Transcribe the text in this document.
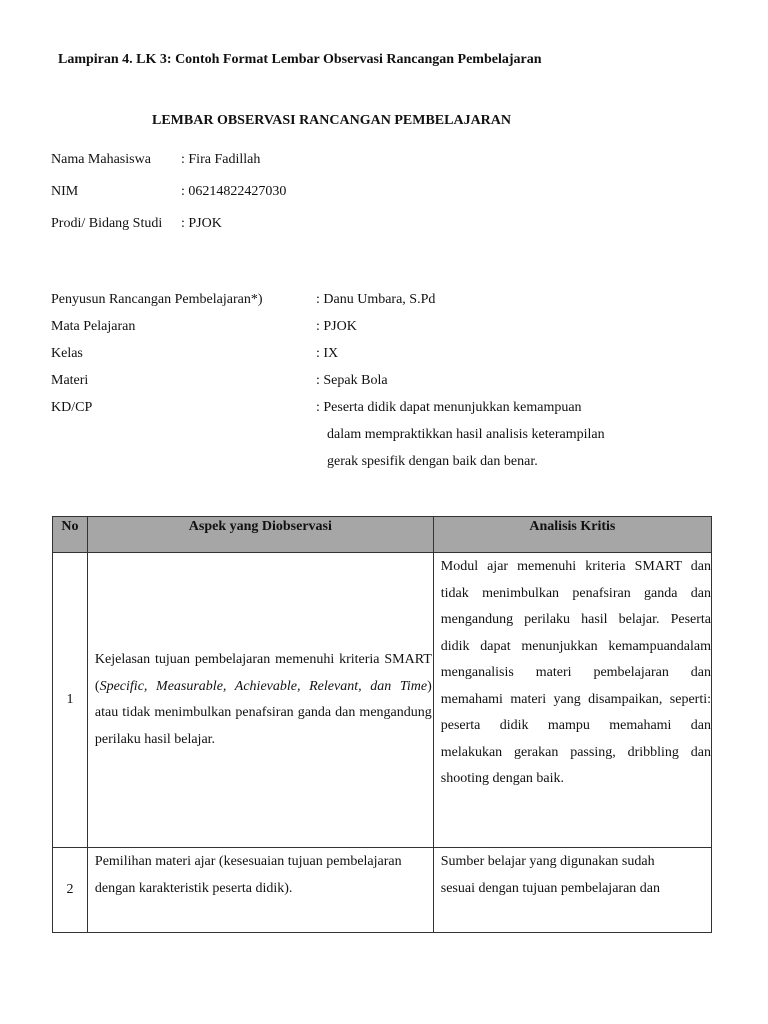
Lampiran 4. LK 3: Contoh Format Lembar Observasi Rancangan Pembelajaran
LEMBAR OBSERVASI RANCANGAN PEMBELAJARAN
Nama Mahasiswa : Fira Fadillah
NIM	: 06214822427030
Prodi/ Bidang Studi : PJOK
Penyusun Rancangan Pembelajaran*)	: Danu Umbara, S.Pd
Mata Pelajaran	: PJOK
Kelas	: IX
Materi	: Sepak Bola
KD/CP	: Peserta didik dapat menunjukkan kemampuan
dalam mempraktikkan hasil analisis keterampilan
gerak spesifik dengan baik dan benar.
No	Aspek yang Diobservasi	Analisis Kritis
1	Kejelasan tujuan pembelajaran memenuhi kriteria SMART (Specific, Measurable, Achievable, Relevant, dan Time) atau tidak menimbulkan penafsiran ganda dan mengandung perilaku hasil belajar.	Modul ajar memenuhi kriteria SMART dan tidak menimbulkan penafsiran ganda dan mengandung perilaku hasil belajar. Peserta didik dapat menunjukkan kemampuandalam menganalisis materi pembelajaran dan memahami materi yang disampaikan, seperti: peserta didik mampu memahami dan melakukan gerakan passing, dribbling dan shooting dengan baik.

2	Pemilihan materi ajar (kesesuaian tujuan pembelajaran dengan karakteristik peserta didik).	Sumber belajar yang digunakan sudah sesuai dengan tujuan pembelajaran dan
